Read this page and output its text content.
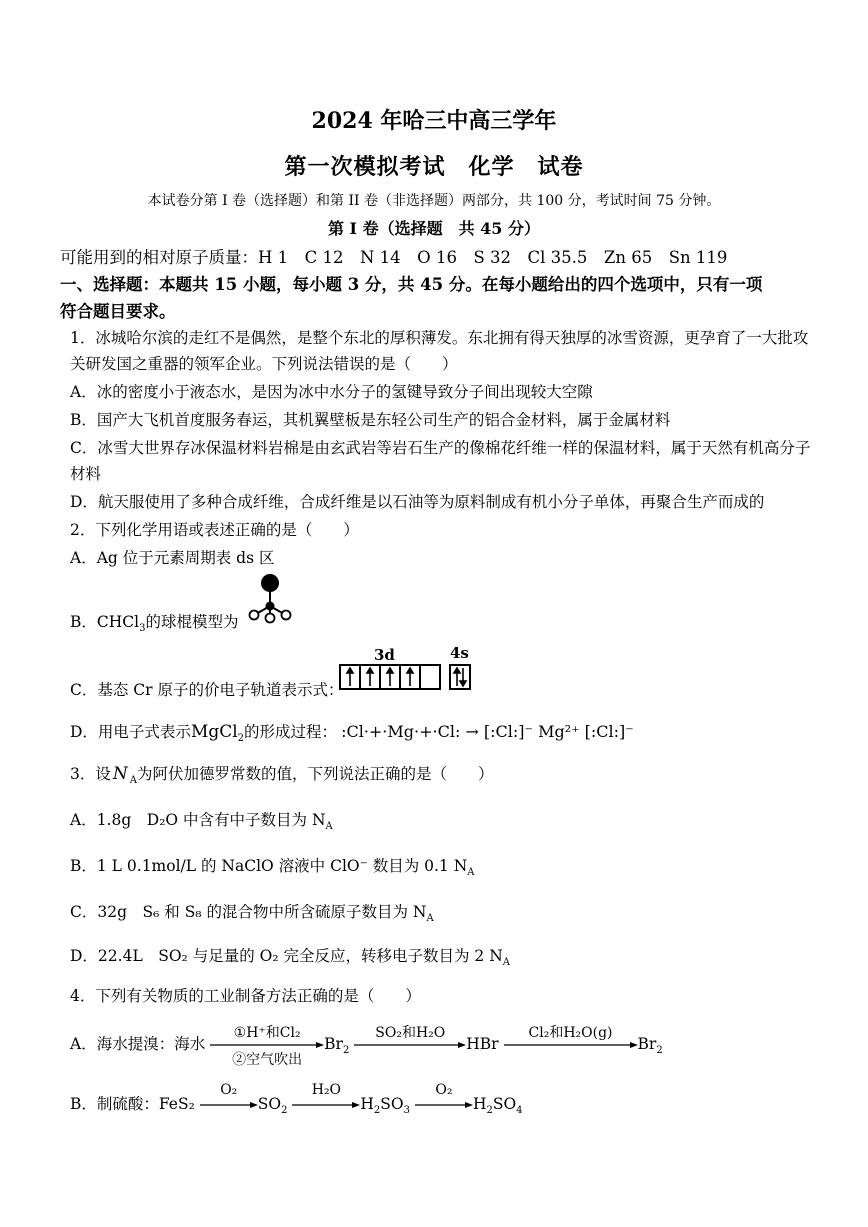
2024 年哈三中高三学年
第一次模拟考试　化学　试卷
本试卷分第 I 卷（选择题）和第 II 卷（非选择题）两部分，共 100 分，考试时间 75 分钟。
第 I 卷（选择题　共 45 分）
可能用到的相对原子质量：H 1　C 12　N 14　O 16　S 32　Cl 35.5　Zn 65　Sn 119
一、选择题：本题共 15 小题，每小题 3 分，共 45 分。在每小题给出的四个选项中，只有一项
符合题目要求。
1．冰城哈尔滨的走红不是偶然，是整个东北的厚积薄发。东北拥有得天独厚的冰雪资源，更孕育了一大批攻
关研发国之重器的领军企业。下列说法错误的是（　　）
A．冰的密度小于液态水，是因为冰中水分子的氢键导致分子间出现较大空隙
B．国产大飞机首度服务春运，其机翼壁板是东轻公司生产的铝合金材料，属于金属材料
C．冰雪大世界存冰保温材料岩棉是由玄武岩等岩石生产的像棉花纤维一样的保温材料，属于天然有机高分子
材料
D．航天服使用了多种合成纤维，合成纤维是以石油等为原料制成有机小分子单体，再聚合生产而成的
2．下列化学用语或表述正确的是（　　）
A．Ag 位于元素周期表 ds 区
B．CHCl$_3$的球棍模型为
C．基态 Cr 原子的价电子轨道表示式：
3d	4s
D．用电子式表示MgCl$_2$的形成过程： :Cl·+·Mg·+·Cl: → [:Cl:]⁻ Mg²⁺ [:Cl:]⁻
3．设 N $_A$为阿伏加德罗常数的值，下列说法正确的是（　　）
A．1.8g　D₂O 中含有中子数目为 $N_A$
B．1 L 0.1mol/L 的 NaClO 溶液中 ClO⁻ 数目为 0.1 $N_A$
C．32g　S₆ 和 S₈ 的混合物中所含硫原子数目为 $N_A$
D．22.4L　SO₂ 与足量的 O₂ 完全反应，转移电子数目为 2 $N_A$
4．下列有关物质的工业制备方法正确的是（　　）
A．海水提溴：海水
①H⁺和Cl₂
②空气吹出
$Br_2$
SO₂和H₂O
HBr
Cl₂和H₂O(g)
$Br_2$
B．制硫酸：FeS₂
O₂
$SO_2$
H₂O
$H_2SO_3$
O₂
$H_2SO_4$
